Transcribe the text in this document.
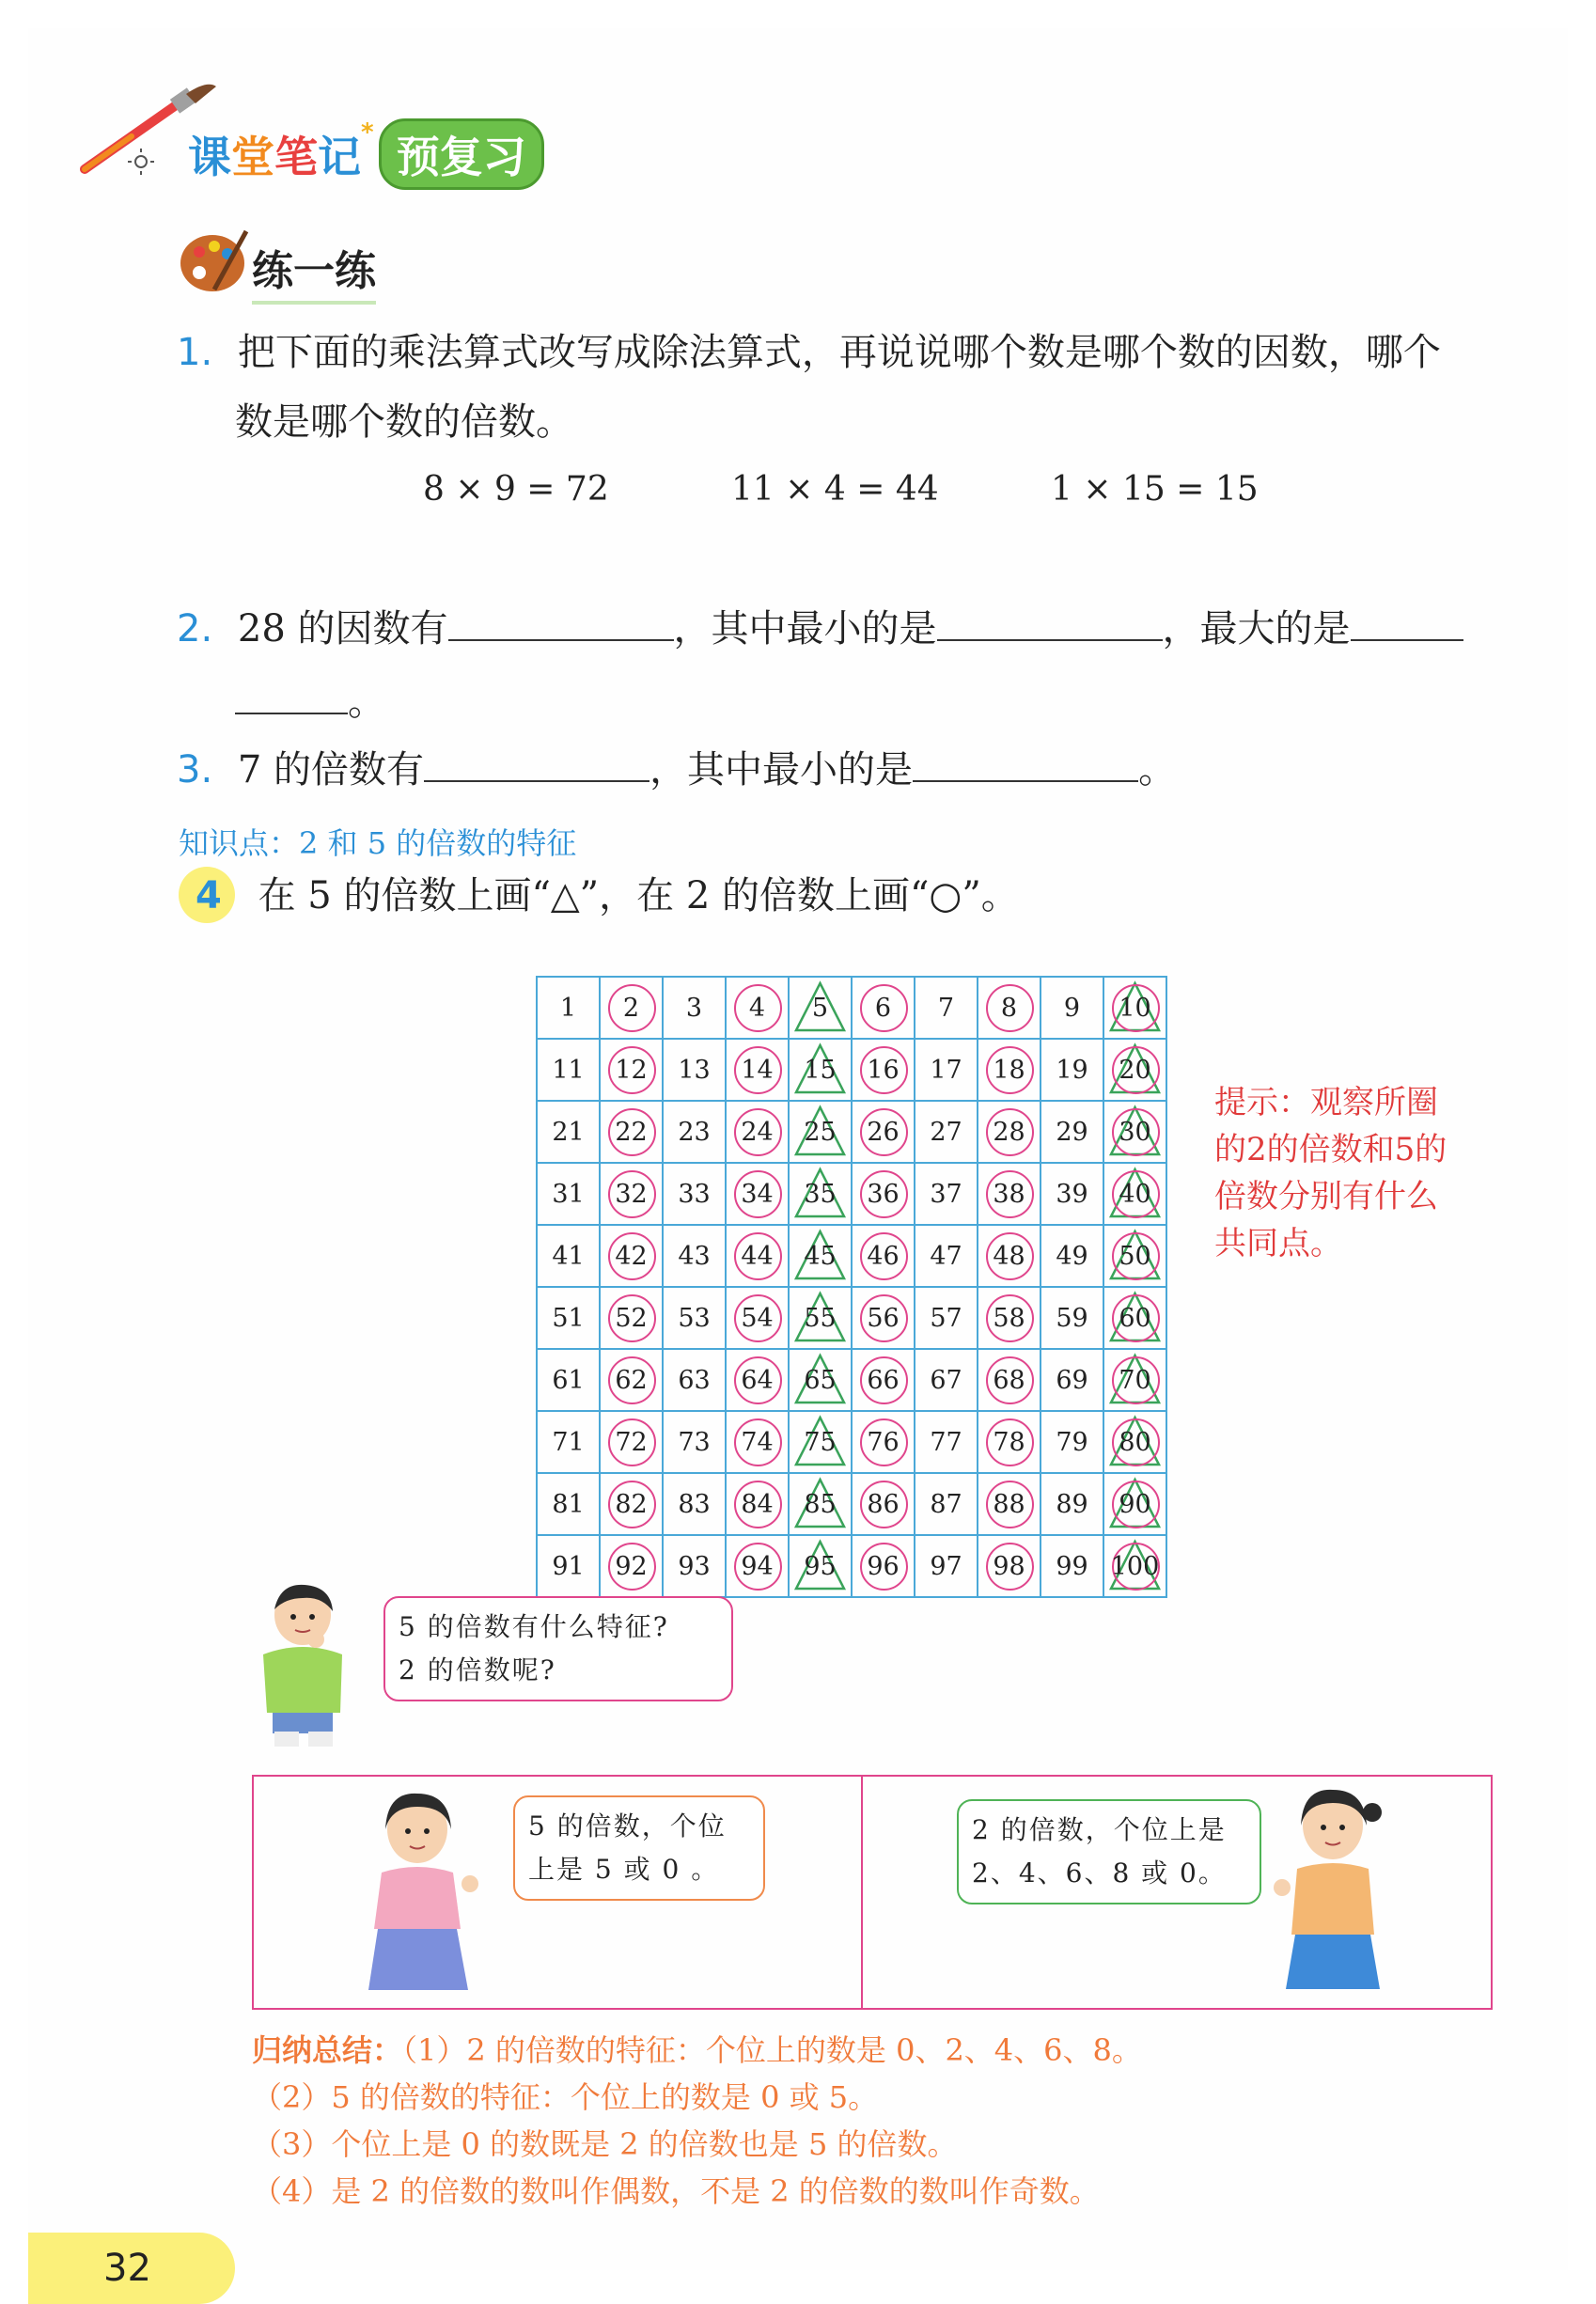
课堂笔记* 预复习
练一练
1. 把下面的乘法算式改写成除法算式，再说说哪个数是哪个数的因数，哪个
数是哪个数的倍数。
8 × 9 = 72	11 × 4 = 44	1 × 15 = 15
2. 28 的因数有	，其中最小的是	，最大的是
。
3. 7 的倍数有	，其中最小的是	。
知识点：2 和 5 的倍数的特征
4 在 5 的倍数上画“△”，在 2 的倍数上画“○”。
1	2	3	4	5	6	7	8	9	10

11	12	13	14	15	16	17	18	19	20

21	22	23	24	25	26	27	28	29	30

31	32	33	34	35	36	37	38	39	40

41	42	43	44	45	46	47	48	49	50

51	52	53	54	55	56	57	58	59	60

61	62	63	64	65	66	67	68	69	70

71	72	73	74	75	76	77	78	79	80

81	82	83	84	85	86	87	88	89	90

91	92	93	94	95	96	97	98	99	100
提示：观察所圈
的2的倍数和5的
倍数分别有什么
共同点。
5 的倍数有什么特征?
2 的倍数呢?
5 的倍数，个位
上是 5 或 0 。
2 的倍数，个位上是
2、4、6、8 或 0。
归纳总结：（1）2 的倍数的特征：个位上的数是 0、2、4、6、8。
（2）5 的倍数的特征：个位上的数是 0 或 5。
（3）个位上是 0 的数既是 2 的倍数也是 5 的倍数。
（4）是 2 的倍数的数叫作偶数，不是 2 的倍数的数叫作奇数。
32
